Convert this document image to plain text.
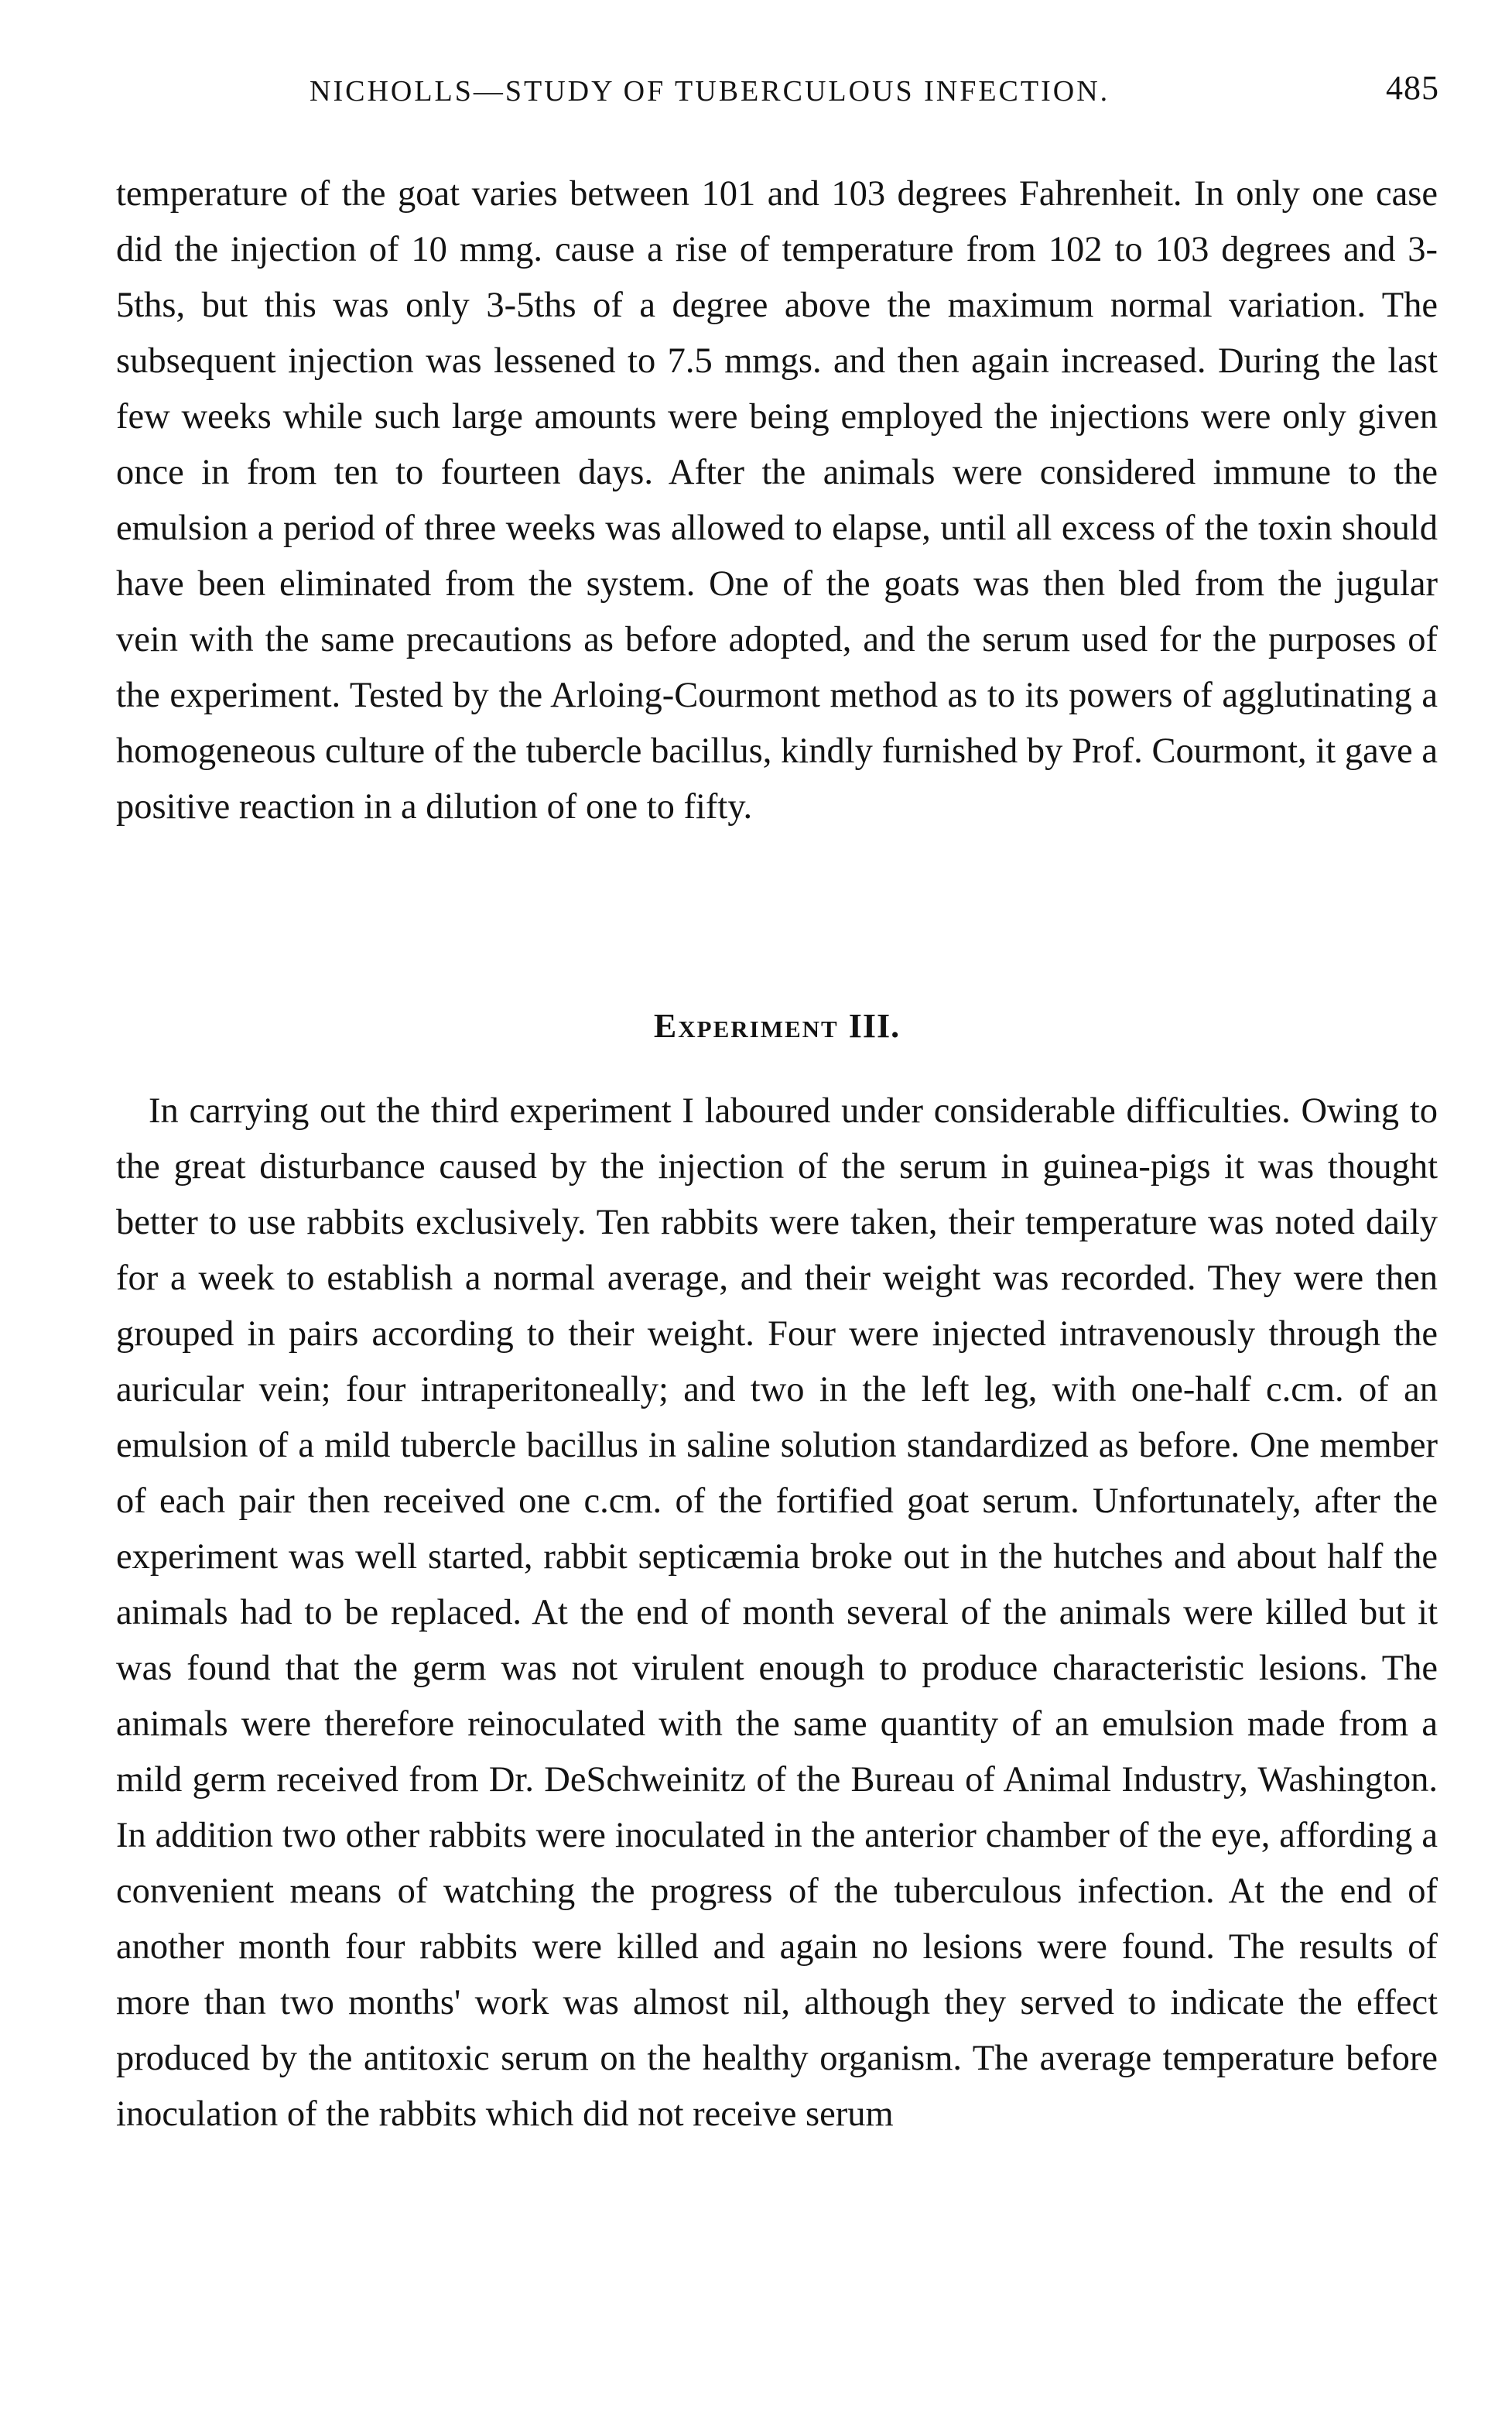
NICHOLLS—STUDY OF TUBERCULOUS INFECTION.	485

temperature of the goat varies between 101 and 103 degrees Fahrenheit. In only one case did the injection of 10 mmg. cause a rise of temperature from 102 to 103 degrees and 3-5ths, but this was only 3-5ths of a degree above the maximum normal variation. The subsequent injection was lessened to 7.5 mmgs. and then again increased. During the last few weeks while such large amounts were being employed the injections were only given once in from ten to fourteen days. After the animals were considered immune to the emulsion a period of three weeks was allowed to elapse, until all excess of the toxin should have been eliminated from the system. One of the goats was then bled from the jugular vein with the same precautions as before adopted, and the serum used for the purposes of the experiment. Tested by the Arloing-Courmont method as to its powers of agglutinating a homogeneous culture of the tubercle bacillus, kindly furnished by Prof. Courmont, it gave a positive reaction in a dilution of one to fifty.

Experiment III.

In carrying out the third experiment I laboured under considerable difficulties. Owing to the great disturbance caused by the injection of the serum in guinea-pigs it was thought better to use rabbits exclusively. Ten rabbits were taken, their temperature was noted daily for a week to establish a normal average, and their weight was recorded. They were then grouped in pairs according to their weight. Four were injected intravenously through the auricular vein; four intraperitoneally; and two in the left leg, with one-half c.cm. of an emulsion of a mild tubercle bacillus in saline solution standardized as before. One member of each pair then received one c.cm. of the fortified goat serum. Unfortunately, after the experiment was well started, rabbit septicæmia broke out in the hutches and about half the animals had to be replaced. At the end of month several of the animals were killed but it was found that the germ was not virulent enough to produce characteristic lesions. The animals were therefore reinoculated with the same quantity of an emulsion made from a mild germ received from Dr. DeSchweinitz of the Bureau of Animal Industry, Washington. In addition two other rabbits were inoculated in the anterior chamber of the eye, affording a convenient means of watching the progress of the tuberculous infection. At the end of another month four rabbits were killed and again no lesions were found. The results of more than two months' work was almost nil, although they served to indicate the effect produced by the antitoxic serum on the healthy organism. The average temperature before inoculation of the rabbits which did not receive serum
